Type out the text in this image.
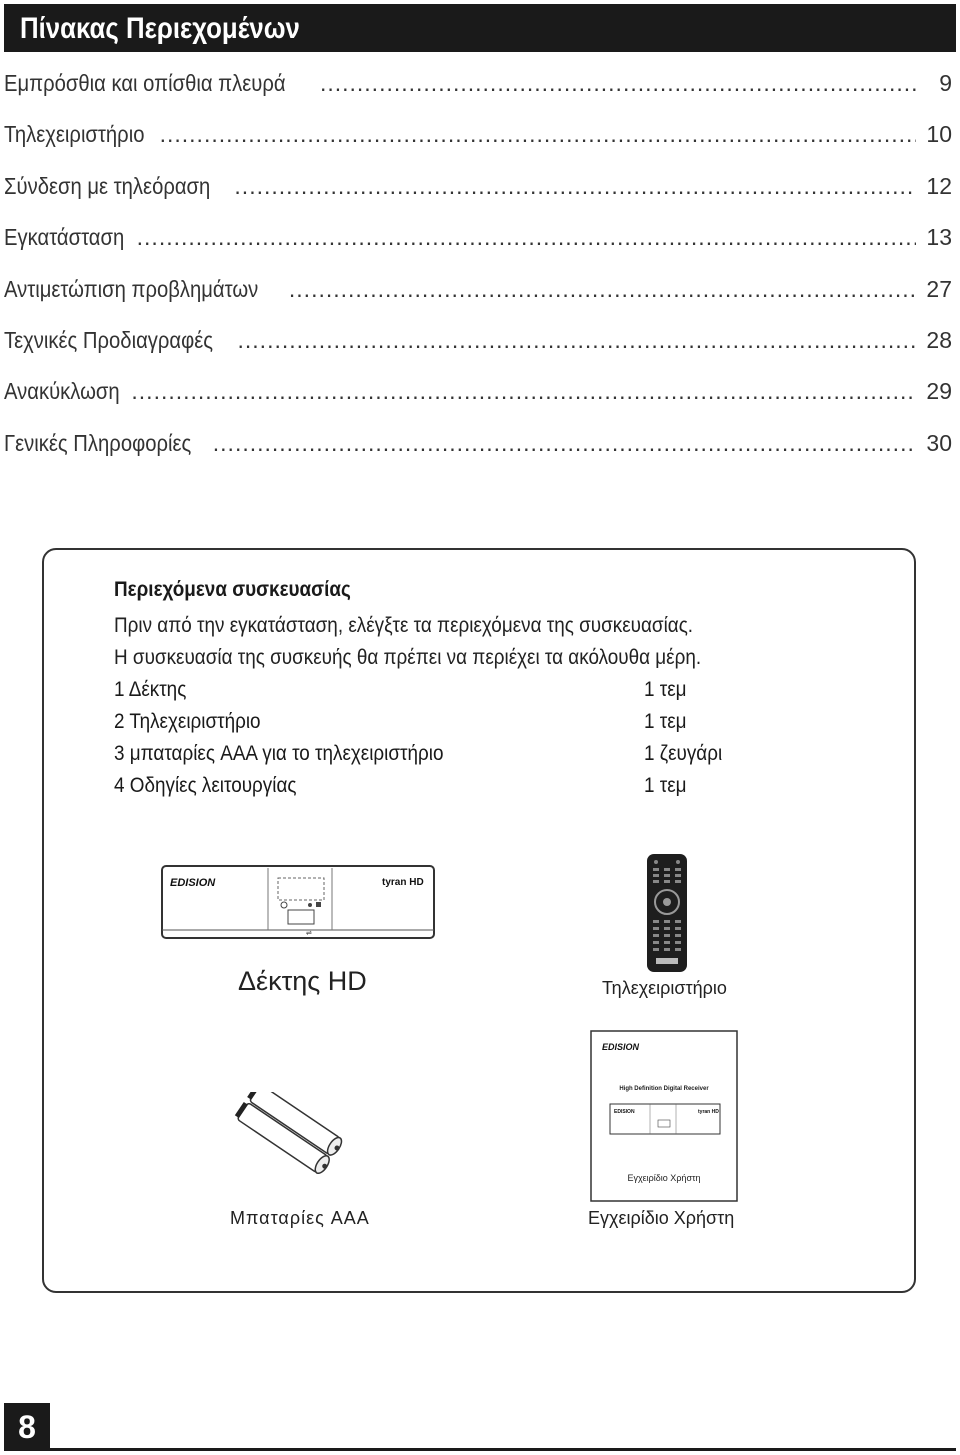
Πίνακας Περιεχομένων
Εμπρόσθια και οπίσθια πλευρά .....	9
Τηλεχειριστήριο .....	10
Σύνδεση με τηλεόραση .....	12
Εγκατάσταση .....	13
Αντιμετώπιση προβλημάτων .....	27
Τεχνικές Προδιαγραφές .....	28
Ανακύκλωση .....	29
Γενικές Πληροφορίες .....	30
Περιεχόμενα συσκευασίας
Πριν από την εγκατάσταση, ελέγξτε τα περιεχόμενα της συσκευασίας.
Η συσκευασία της συσκευής θα πρέπει να περιέχει τα ακόλουθα μέρη.
1 Δέκτης	1 τεμ
2 Τηλεχειριστήριο	1 τεμ
3 μπαταρίες AAA για το τηλεχειριστήριο	1 ζευγάρι
4 Οδηγίες λειτουργίας	1 τεμ
⇌
EDISION	tyran HD
Δέκτης HD	Τηλεχειριστήριο
EDISION
High Definition Digital Receiver
EDISION	tyran HD
Εγχειρίδιο Χρήστη
Μπαταρίες AAA	Εγχειρίδιο Χρήστη
8
